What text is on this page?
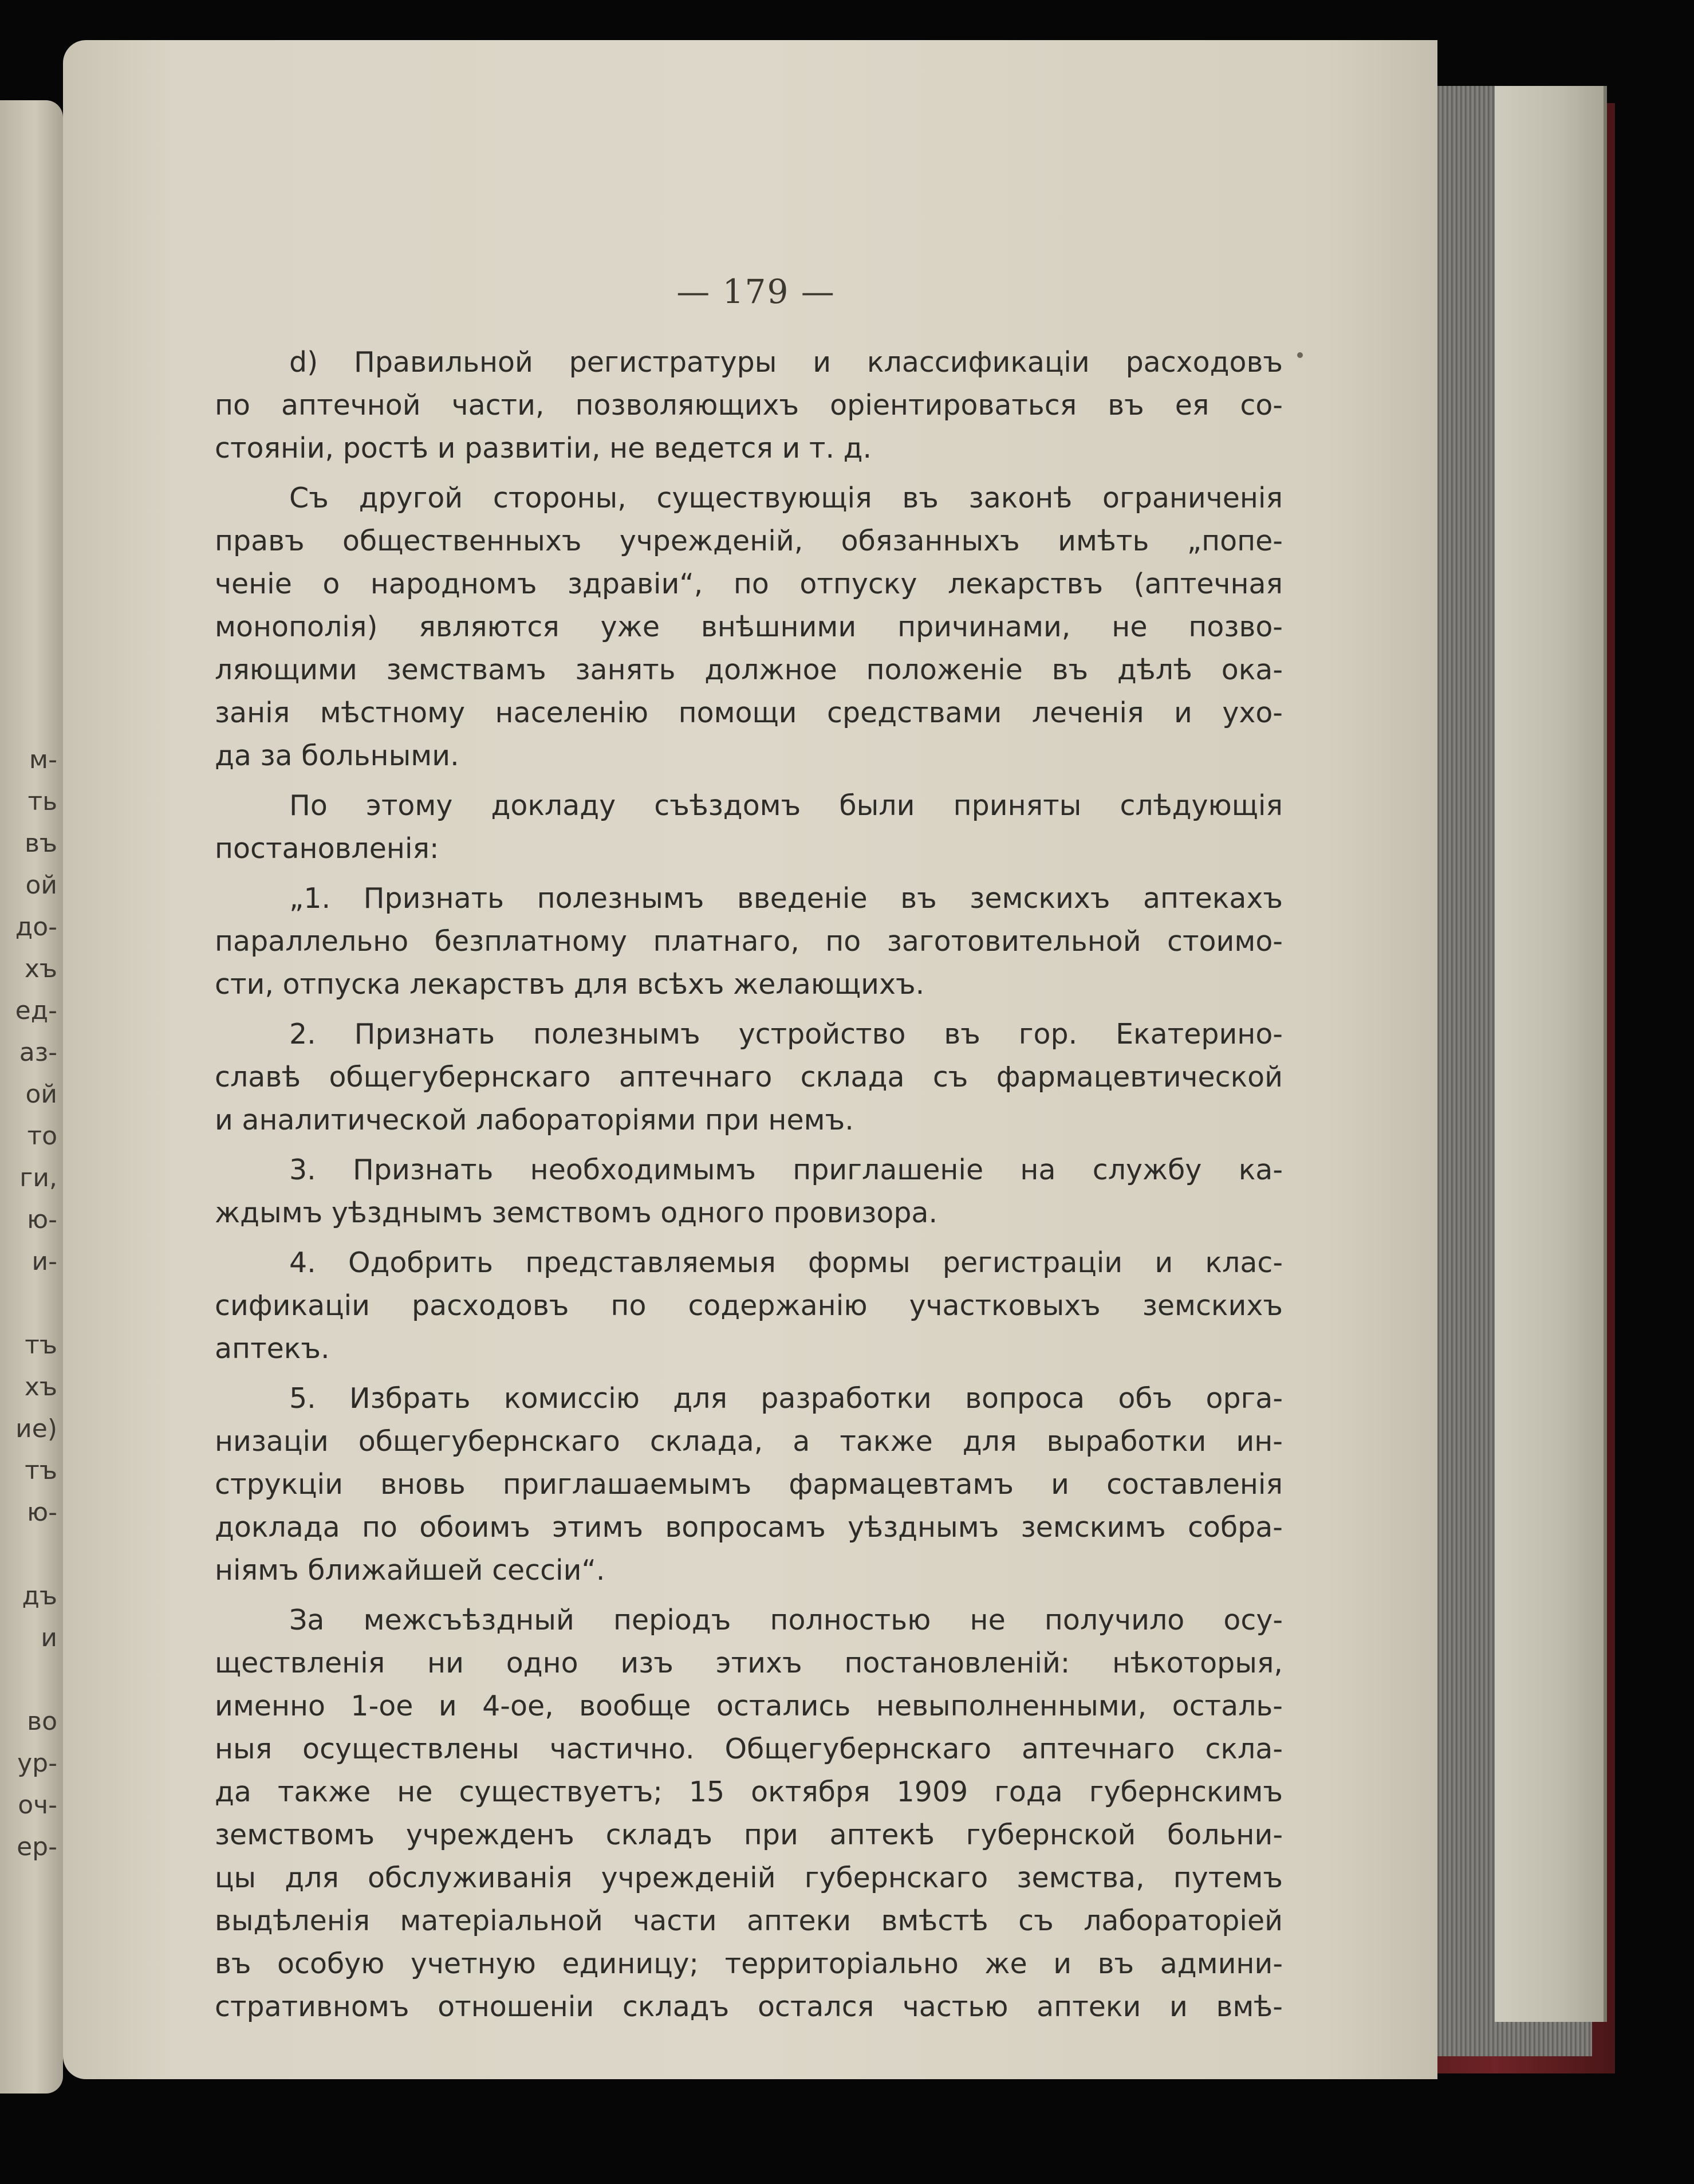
м-
ть
въ
ой
до-
хъ
ед-
аз-
ой
то
ги,
ю-
и-
тъ
хъ
ие)
тъ
ю-
дъ
и
во
ур-
оч-
ер-
— 179 —
d) Правильной регистратуры и классификаціи расходовъ
по аптечной части, позволяющихъ оріентироваться въ ея со-
стояніи, ростѣ и развитіи, не ведется и т. д.
Съ другой стороны, существующія въ законѣ ограниченія
правъ общественныхъ учрежденій, обязанныхъ имѣть „попе-
ченіе о народномъ здравіи“, по отпуску лекарствъ (аптечная
монополія) являются уже внѣшними причинами, не позво-
ляющими земствамъ занять должное положеніе въ дѣлѣ ока-
занія мѣстному населенію помощи средствами леченія и ухо-
да за больными.
По этому докладу съѣздомъ были приняты слѣдующія
постановленія:
„1. Признать полезнымъ введеніе въ земскихъ аптекахъ
параллельно безплатному платнаго, по заготовительной стоимо-
сти, отпуска лекарствъ для всѣхъ желающихъ.
2. Признать полезнымъ устройство въ гор. Екатерино-
славѣ общегубернскаго аптечнаго склада съ фармацевтической
и аналитической лабораторіями при немъ.
3. Признать необходимымъ приглашеніе на службу ка-
ждымъ уѣзднымъ земствомъ одного провизора.
4. Одобрить представляемыя формы регистраціи и клас-
сификаціи расходовъ по содержанію участковыхъ земскихъ
аптекъ.
5. Избрать комиссію для разработки вопроса объ орга-
низаціи общегубернскаго склада, а также для выработки ин-
струкціи вновь приглашаемымъ фармацевтамъ и составленія
доклада по обоимъ этимъ вопросамъ уѣзднымъ земскимъ собра-
ніямъ ближайшей сессіи“.
За межсъѣздный періодъ полностью не получило осу-
ществленія ни одно изъ этихъ постановленій: нѣкоторыя,
именно 1-ое и 4-ое, вообще остались невыполненными, осталь-
ныя осуществлены частично. Общегубернскаго аптечнаго скла-
да также не существуетъ; 15 октября 1909 года губернскимъ
земствомъ учрежденъ складъ при аптекѣ губернской больни-
цы для обслуживанія учрежденій губернскаго земства, путемъ
выдѣленія матеріальной части аптеки вмѣстѣ съ лабораторіей
въ особую учетную единицу; территоріально же и въ админи-
стративномъ отношеніи складъ остался частью аптеки и вмѣ-
